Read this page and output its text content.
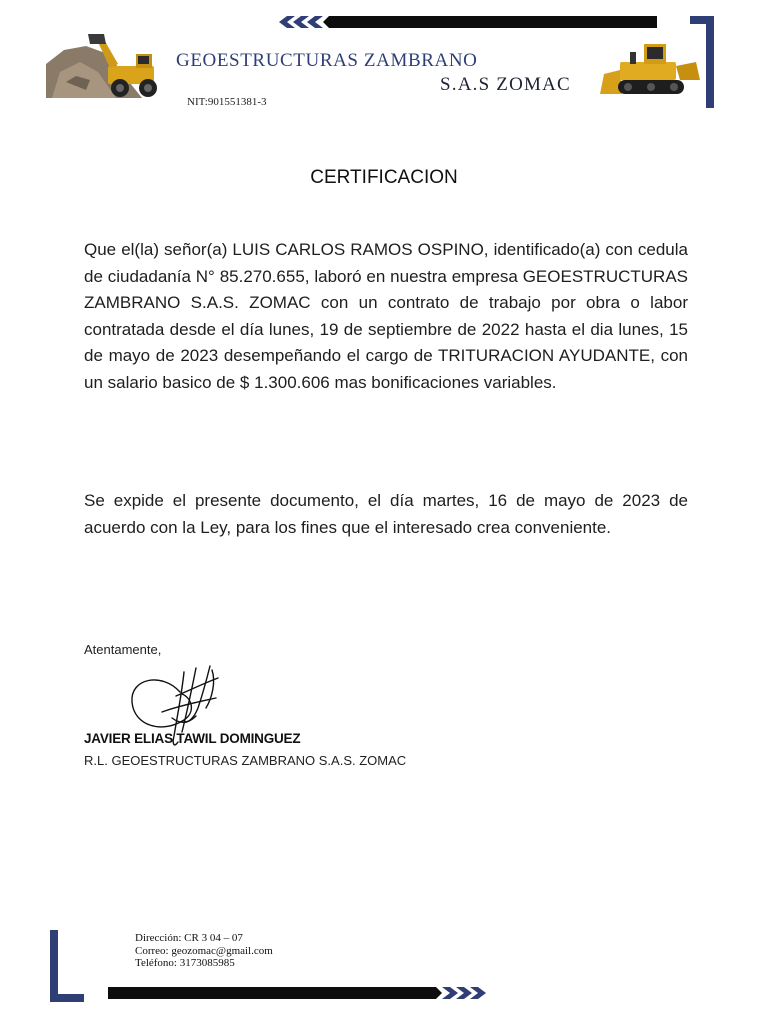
GEOESTRUCTURAS ZAMBRANO
S.A.S ZOMAC
NIT:901551381-3
CERTIFICACION
Que el(la) señor(a) LUIS CARLOS RAMOS OSPINO, identificado(a) con cedula de ciudadanía N° 85.270.655, laboró en nuestra empresa GEOESTRUCTURAS ZAMBRANO S.A.S. ZOMAC con un contrato de trabajo por obra o labor contratada desde el día lunes, 19 de septiembre de 2022 hasta el dia lunes, 15 de mayo de 2023 desempeñando el cargo de TRITURACION AYUDANTE, con un salario basico de $ 1.300.606 mas bonificaciones variables.
Se expide el presente documento, el día martes, 16 de mayo de 2023 de acuerdo con la Ley, para los fines que el interesado crea conveniente.
Atentamente,
JAVIER ELIAS TAWIL DOMINGUEZ
R.L. GEOESTRUCTURAS ZAMBRANO S.A.S. ZOMAC
Dirección: CR 3 04 – 07
Correo: geozomac@gmail.com
Teléfono: 3173085985
